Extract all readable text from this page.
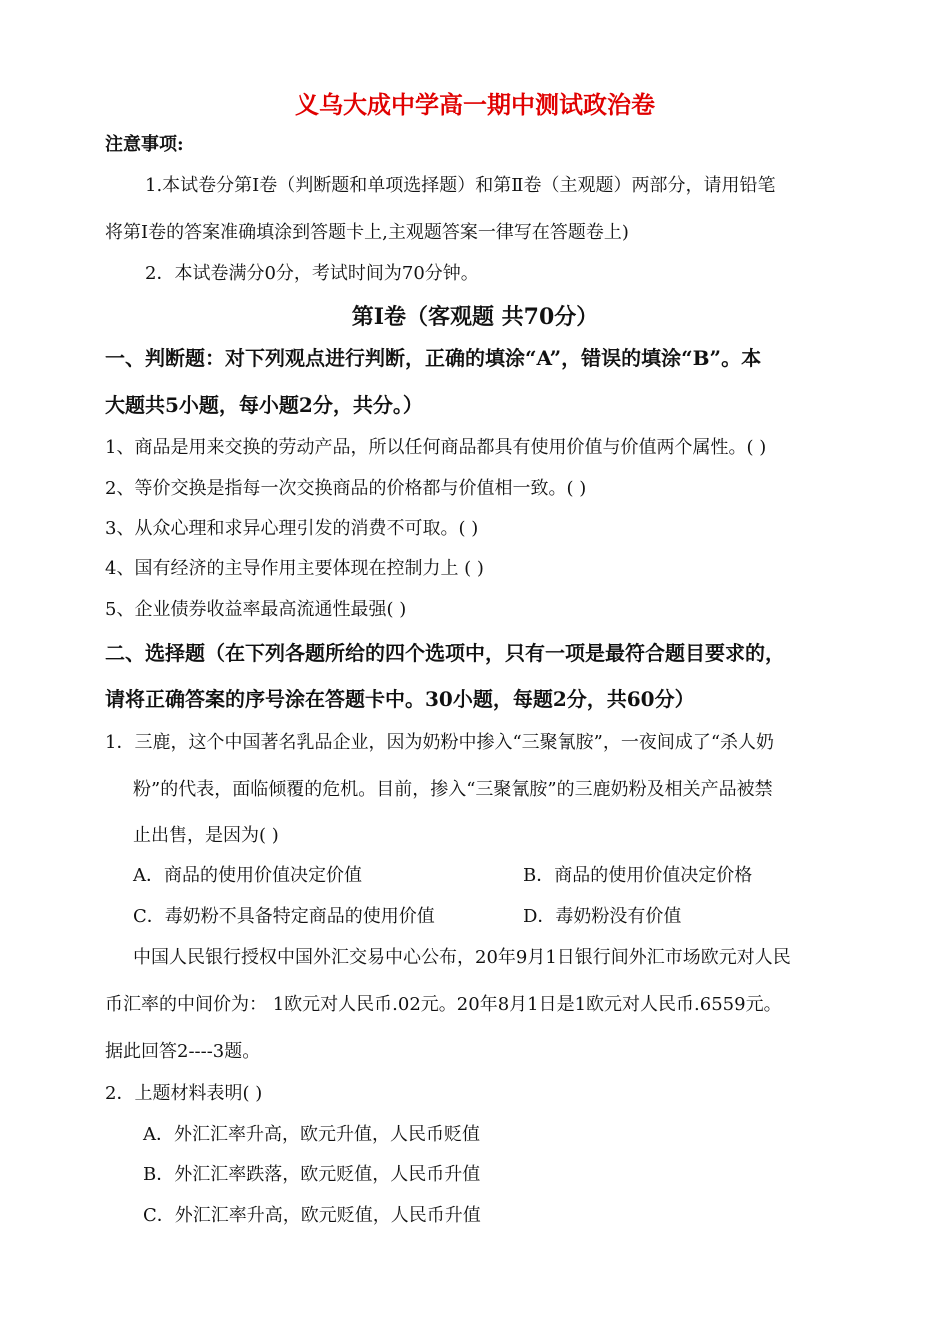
义乌大成中学高一期中测试政治卷
注意事项:
1.本试卷分第Ⅰ卷（判断题和单项选择题）和第Ⅱ卷（主观题）两部分，请用铅笔
将第Ⅰ卷的答案准确填涂到答题卡上,主观题答案一律写在答题卷上)
2．本试卷满分0分，考试时间为70分钟。
第Ⅰ卷（客观题 共70分）
一、判断题：对下列观点进行判断，正确的填涂“A”，错误的填涂“B”。本
大题共5小题，每小题2分，共分。）
1、商品是用来交换的劳动产品，所以任何商品都具有使用价值与价值两个属性。( )
2、等价交换是指每一次交换商品的价格都与价值相一致。( )
3、从众心理和求异心理引发的消费不可取。( )
4、国有经济的主导作用主要体现在控制力上 ( )
5、企业债券收益率最高流通性最强( )
二、选择题（在下列各题所给的四个选项中，只有一项是最符合题目要求的，
请将正确答案的序号涂在答题卡中。30小题，每题2分，共60分）
1．三鹿，这个中国著名乳品企业，因为奶粉中掺入“三聚氰胺”，一夜间成了“杀人奶
粉”的代表，面临倾覆的危机。目前，掺入“三聚氰胺”的三鹿奶粉及相关产品被禁
止出售，是因为( )
A．商品的使用价值决定价值	B．商品的使用价值决定价格
C．毒奶粉不具备特定商品的使用价值	D．毒奶粉没有价值
中国人民银行授权中国外汇交易中心公布，20年9月1日银行间外汇市场欧元对人民
币汇率的中间价为： 1欧元对人民币.02元。20年8月1日是1欧元对人民币.6559元。
据此回答2----3题。
2．上题材料表明( )
A．外汇汇率升高，欧元升值，人民币贬值
B．外汇汇率跌落，欧元贬值，人民币升值
C．外汇汇率升高，欧元贬值，人民币升值
